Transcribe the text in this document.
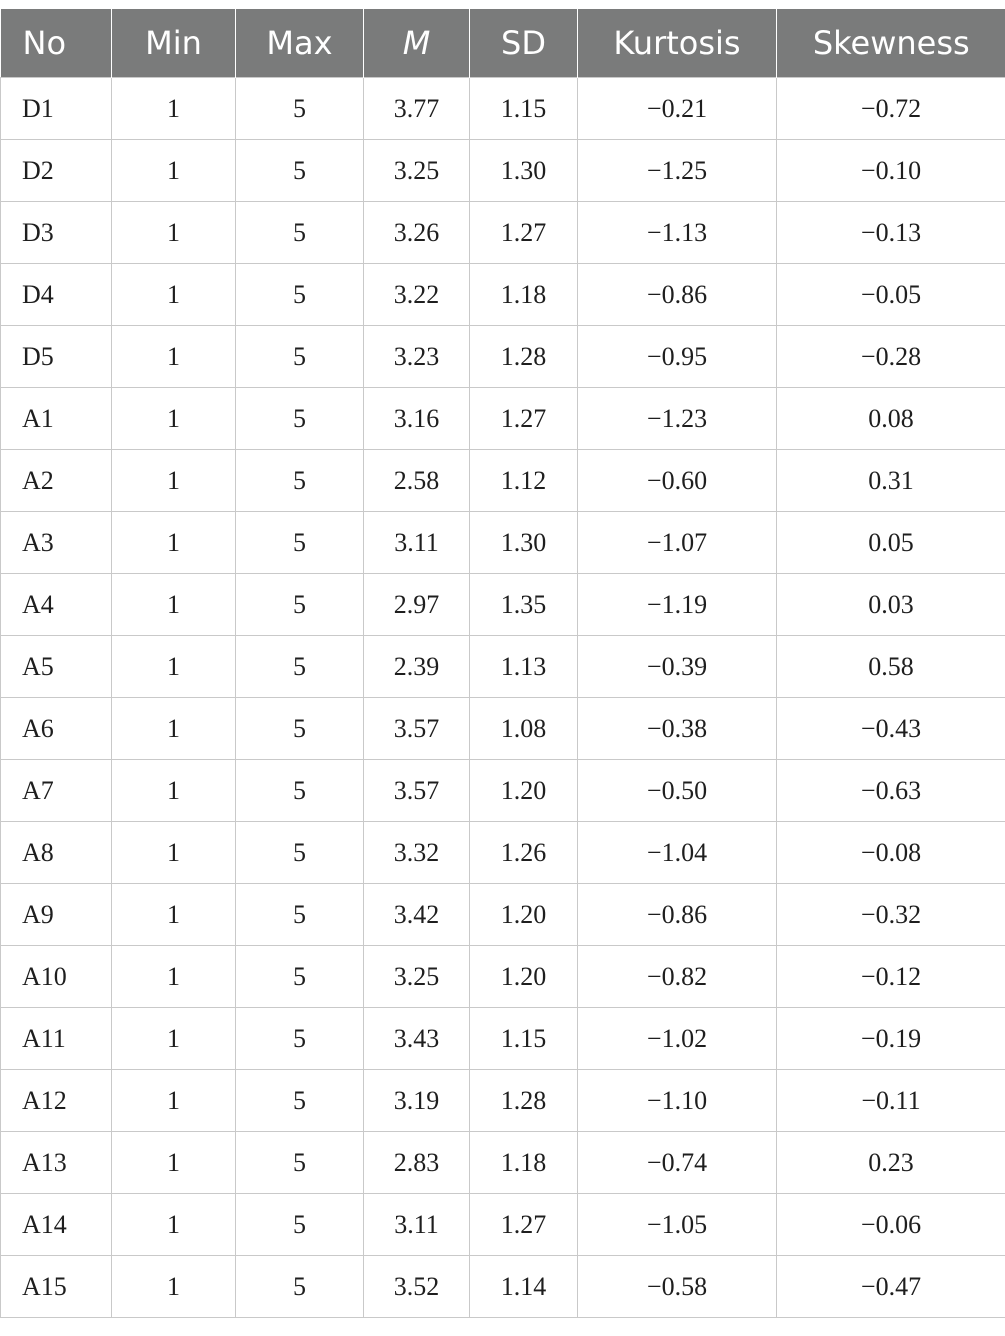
No	Min	Max	M	SD	Kurtosis	Skewness
D1	1	5	3.77	1.15	−0.21	−0.72
D2	1	5	3.25	1.30	−1.25	−0.10
D3	1	5	3.26	1.27	−1.13	−0.13
D4	1	5	3.22	1.18	−0.86	−0.05
D5	1	5	3.23	1.28	−0.95	−0.28
A1	1	5	3.16	1.27	−1.23	0.08
A2	1	5	2.58	1.12	−0.60	0.31
A3	1	5	3.11	1.30	−1.07	0.05
A4	1	5	2.97	1.35	−1.19	0.03
A5	1	5	2.39	1.13	−0.39	0.58
A6	1	5	3.57	1.08	−0.38	−0.43
A7	1	5	3.57	1.20	−0.50	−0.63
A8	1	5	3.32	1.26	−1.04	−0.08
A9	1	5	3.42	1.20	−0.86	−0.32
A10	1	5	3.25	1.20	−0.82	−0.12
A11	1	5	3.43	1.15	−1.02	−0.19
A12	1	5	3.19	1.28	−1.10	−0.11
A13	1	5	2.83	1.18	−0.74	0.23
A14	1	5	3.11	1.27	−1.05	−0.06
A15	1	5	3.52	1.14	−0.58	−0.47
